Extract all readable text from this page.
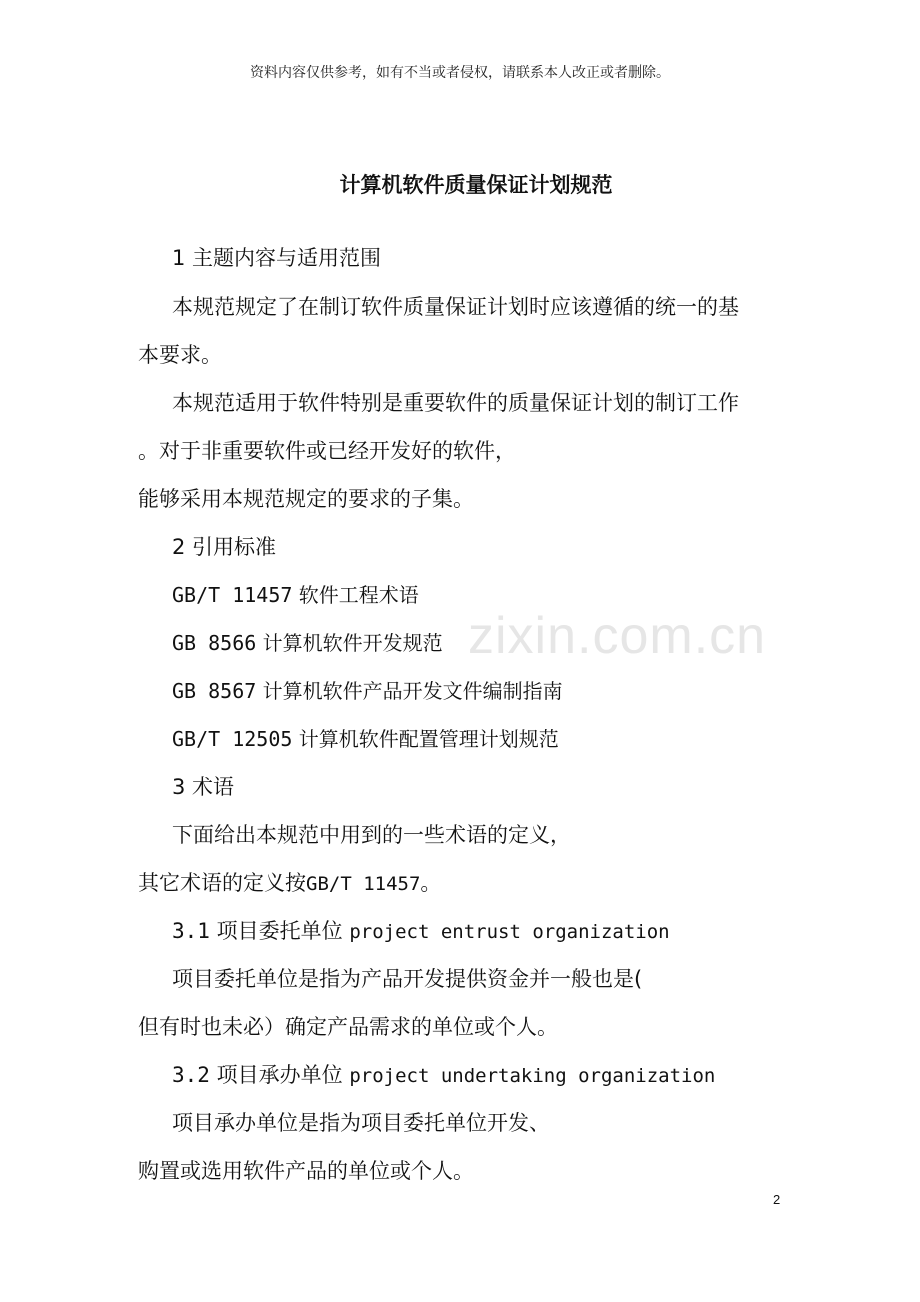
资料内容仅供参考，如有不当或者侵权，请联系本人改正或者删除。
zixin.com.cn
计算机软件质量保证计划规范
1 主题内容与适用范围
本规范规定了在制订软件质量保证计划时应该遵循的统一的基
本要求。
本规范适用于软件特别是重要软件的质量保证计划的制订工作
。对于非重要软件或已经开发好的软件，
能够采用本规范规定的要求的子集。
2 引用标准
GB/T 11457 软件工程术语
GB 8566 计算机软件开发规范
GB 8567 计算机软件产品开发文件编制指南
GB/T 12505 计算机软件配置管理计划规范
3 术语
下面给出本规范中用到的一些术语的定义，
其它术语的定义按GB/T 11457。
3.1 项目委托单位 project entrust organization
项目委托单位是指为产品开发提供资金并一般也是(
但有时也未必）确定产品需求的单位或个人。
3.2 项目承办单位 project undertaking organization
项目承办单位是指为项目委托单位开发、
购置或选用软件产品的单位或个人。
2
